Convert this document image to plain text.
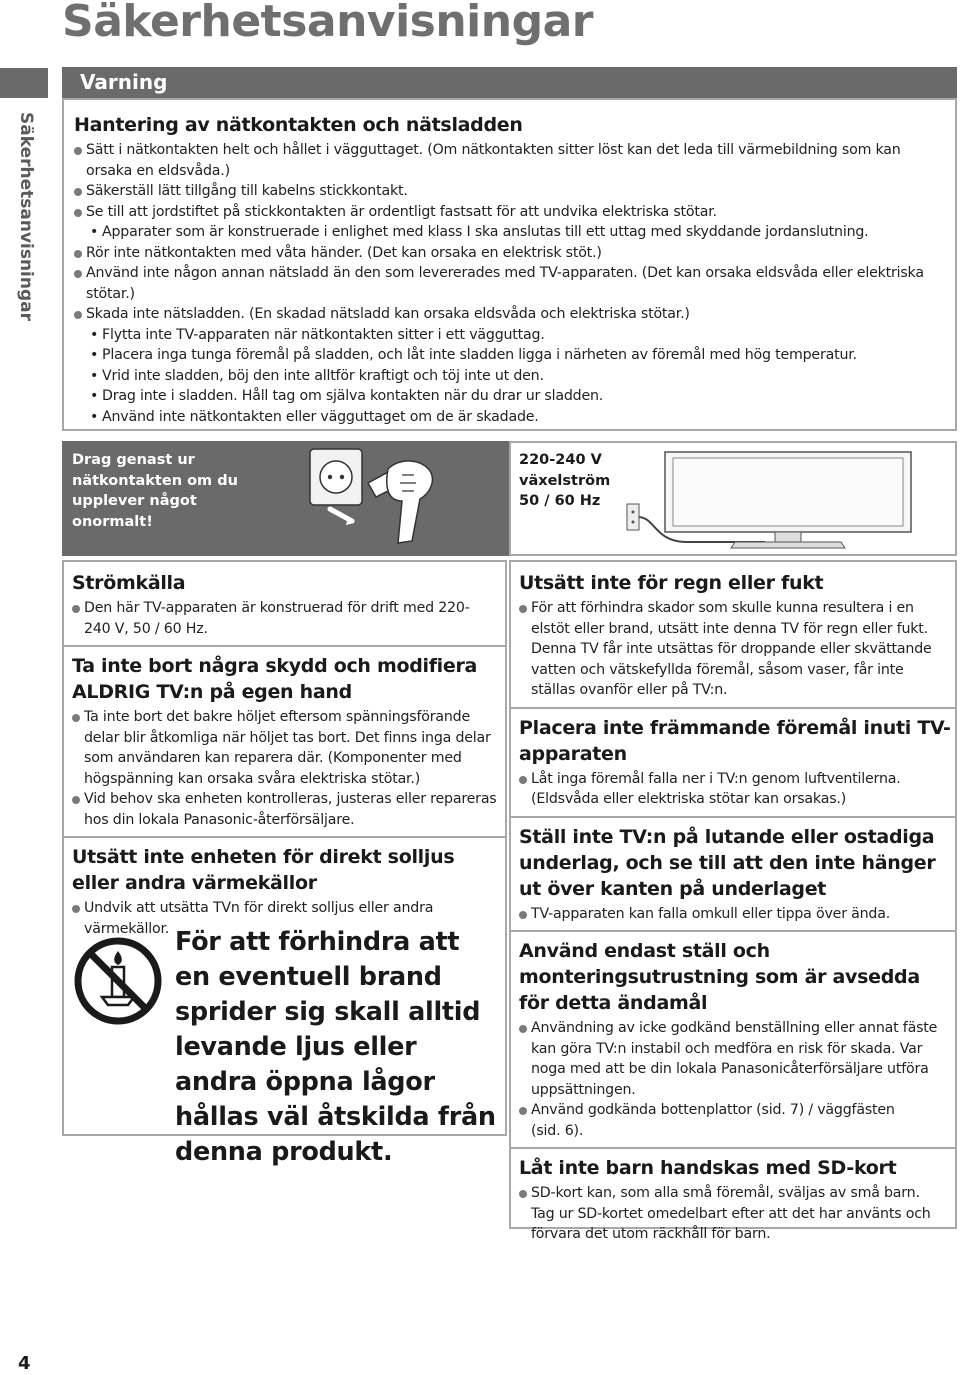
Säkerhetsanvisningar
Säkerhetsanvisningar
Varning
Hantering av nätkontakten och nätsladden
Sätt i nätkontakten helt och hållet i vägguttaget. (Om nätkontakten sitter löst kan det leda till värmebildning som kan
orsaka en eldsvåda.)
Säkerställ lätt tillgång till kabelns stickkontakt.
Se till att jordstiftet på stickkontakten är ordentligt fastsatt för att undvika elektriska stötar.
• Apparater som är konstruerade i enlighet med klass I ska anslutas till ett uttag med skyddande jordanslutning.
Rör inte nätkontakten med våta händer. (Det kan orsaka en elektrisk stöt.)
Använd inte någon annan nätsladd än den som levererades med TV-apparaten. (Det kan orsaka eldsvåda eller elektriska
stötar.)
Skada inte nätsladden. (En skadad nätsladd kan orsaka eldsvåda och elektriska stötar.)
• Flytta inte TV-apparaten när nätkontakten sitter i ett vägguttag.
• Placera inga tunga föremål på sladden, och låt inte sladden ligga i närheten av föremål med hög temperatur.
• Vrid inte sladden, böj den inte alltför kraftigt och töj inte ut den.
• Drag inte i sladden. Håll tag om själva kontakten när du drar ur sladden.
• Använd inte nätkontakten eller vägguttaget om de är skadade.
Drag genast ur
nätkontakten om du
upplever något onormalt!
220-240 V
växelström
50 / 60 Hz
Strömkälla
Den här TV-apparaten är konstruerad för drift med 220-
240 V, 50 / 60 Hz.
Ta inte bort några skydd och modifiera ALDRIG TV:n på egen hand
Ta inte bort det bakre höljet eftersom spänningsförande
delar blir åtkomliga när höljet tas bort. Det finns inga delar
som användaren kan reparera där. (Komponenter med
högspänning kan orsaka svåra elektriska stötar.)
Vid behov ska enheten kontrolleras, justeras eller repareras
hos din lokala Panasonic-återförsäljare.
Utsätt inte enheten för direkt solljus eller andra värmekällor
Undvik att utsätta TVn för direkt solljus eller andra
värmekällor. För att förhindra att en eventuell brand sprider sig skall alltid levande ljus eller andra öppna lågor hållas väl åtskilda från denna produkt.
Utsätt inte för regn eller fukt
För att förhindra skador som skulle kunna resultera i en
elstöt eller brand, utsätt inte denna TV för regn eller fukt.
Denna TV får inte utsättas för droppande eller skvättande
vatten och vätskefyllda föremål, såsom vaser, får inte
ställas ovanför eller på TV:n.
Placera inte främmande föremål inuti TV-apparaten
Låt inga föremål falla ner i TV:n genom luftventilerna.
(Eldsvåda eller elektriska stötar kan orsakas.)
Ställ inte TV:n på lutande eller ostadiga underlag, och se till att den inte hänger ut över kanten på underlaget
TV-apparaten kan falla omkull eller tippa över ända.
Använd endast ställ och monteringsutrustning som är avsedda för detta ändamål
Användning av icke godkänd benställning eller annat fäste
kan göra TV:n instabil och medföra en risk för skada. Var
noga med att be din lokala Panasonicåterförsäljare utföra
uppsättningen.
Använd godkända bottenplattor (sid. 7) / väggfästen
(sid. 6).
Låt inte barn handskas med SD-kort
SD-kort kan, som alla små föremål, sväljas av små barn.
Tag ur SD-kortet omedelbart efter att det har använts och
förvara det utom räckhåll för barn.
4
